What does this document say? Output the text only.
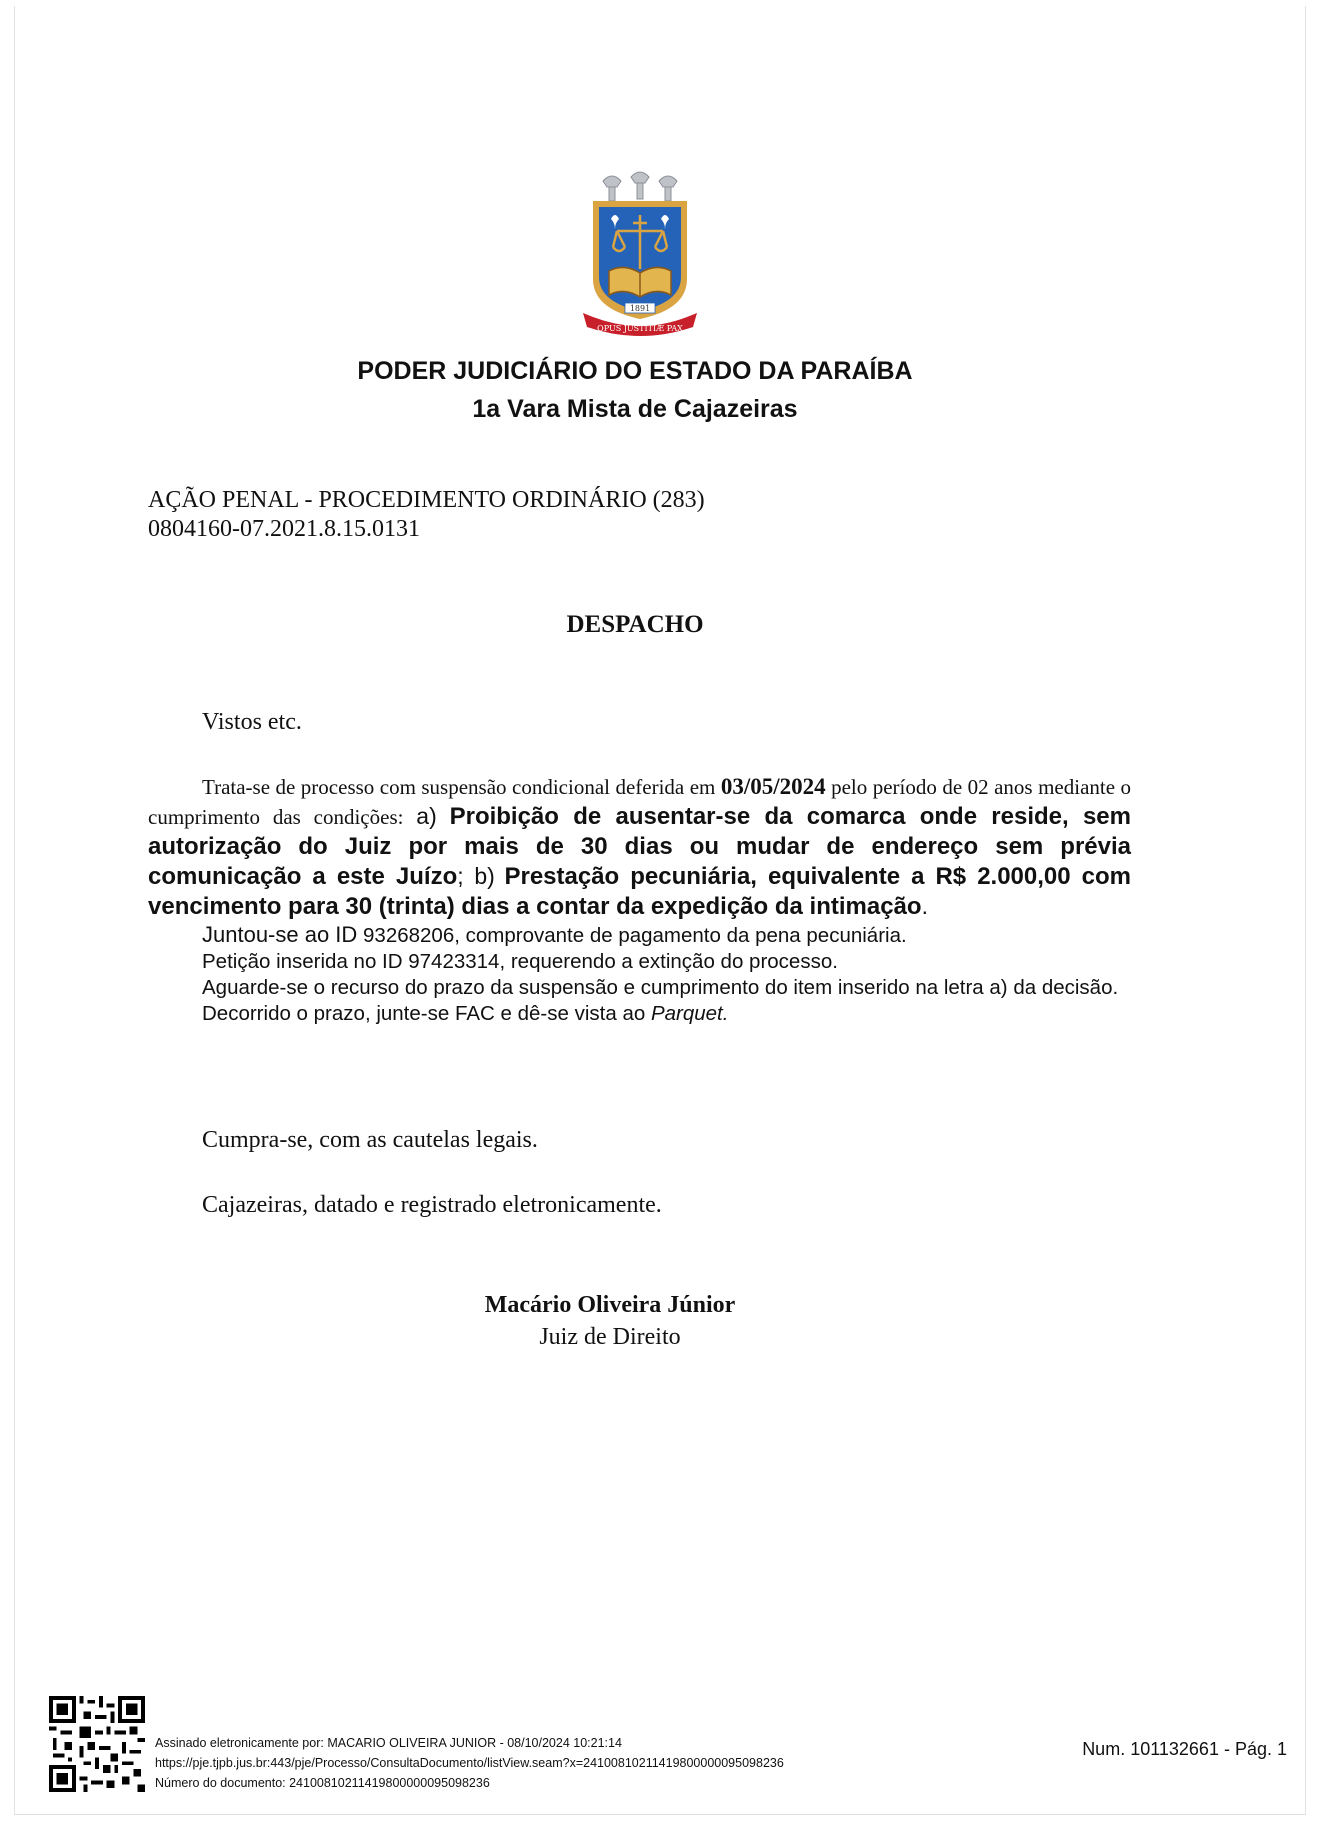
1891
OPUS JUSTITIÆ PAX
PODER JUDICIÁRIO DO ESTADO DA PARAÍBA
1a Vara Mista de Cajazeiras
AÇÃO PENAL - PROCEDIMENTO ORDINÁRIO (283)
0804160-07.2021.8.15.0131
DESPACHO
Vistos etc.

Trata-se de processo com suspensão condicional deferida em 03/05/2024 pelo período de 02 anos mediante o cumprimento das condições: a) Proibição de ausentar-se da comarca onde reside, sem autorização do Juiz por mais de 30 dias ou mudar de endereço sem prévia comunicação a este Juízo; b) Prestação pecuniária, equivalente a R$ 2.000,00 com vencimento para 30 (trinta) dias a contar da expedição da intimação.

Juntou-se ao ID 93268206, comprovante de pagamento da pena pecuniária.

Petição inserida no ID 97423314, requerendo a extinção do processo.

Aguarde-se o recurso do prazo da suspensão e cumprimento do item inserido na letra a) da decisão.

Decorrido o prazo, junte-se FAC e dê-se vista ao Parquet.

Cumpra-se, com as cautelas legais.
Cajazeiras, datado e registrado eletronicamente.
Macário Oliveira Júnior
Juiz de Direito
Assinado eletronicamente por: MACARIO OLIVEIRA JUNIOR - 08/10/2024 10:21:14
https://pje.tjpb.jus.br:443/pje/Processo/ConsultaDocumento/listView.seam?x=24100810211419800000095098236
Número do documento: 24100810211419800000095098236
Num. 101132661 - Pág. 1
